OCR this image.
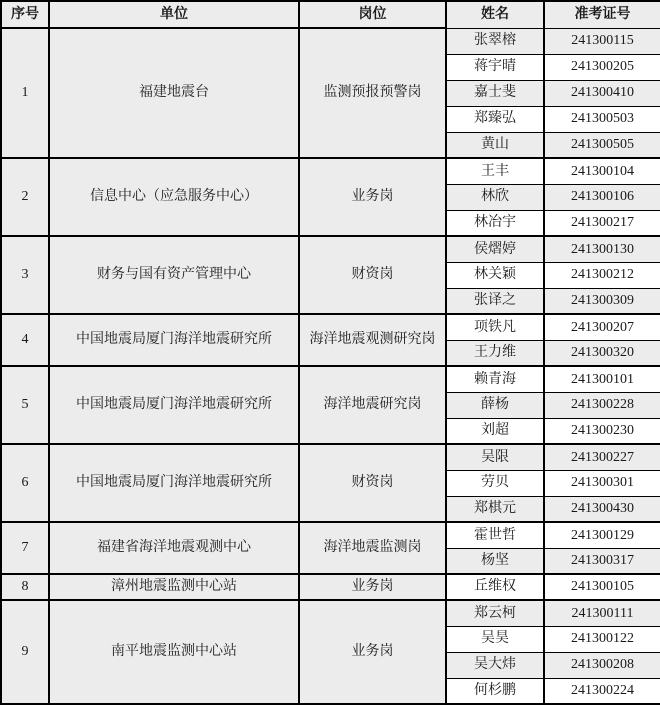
序号	单位	岗位	姓名	准考证号
1	福建地震台	监测预报预警岗	张翠榕	241300115
			蒋宇晴	241300205
			嘉士斐	241300410
			郑臻弘	241300503
			黄山	241300505
2	信息中心（应急服务中心）	业务岗	王丰	241300104
			林欣	241300106
			林冶宇	241300217
3	财务与国有资产管理中心	财资岗	侯熠婷	241300130
			林关颖	241300212
			张译之	241300309
4	中国地震局厦门海洋地震研究所	海洋地震观测研究岗	项铁凡	241300207
			王力维	241300320
5	中国地震局厦门海洋地震研究所	海洋地震研究岗	赖青海	241300101
			薛杨	241300228
			刘超	241300230
6	中国地震局厦门海洋地震研究所	财资岗	吴限	241300227
			劳贝	241300301
			郑棋元	241300430
7	福建省海洋地震观测中心	海洋地震监测岗	霍世哲	241300129
			杨坚	241300317
8	漳州地震监测中心站	业务岗	丘维权	241300105
9	南平地震监测中心站	业务岗	郑云柯	241300111
			吴昊	241300122
			吴大炜	241300208
			何杉鹏	241300224
